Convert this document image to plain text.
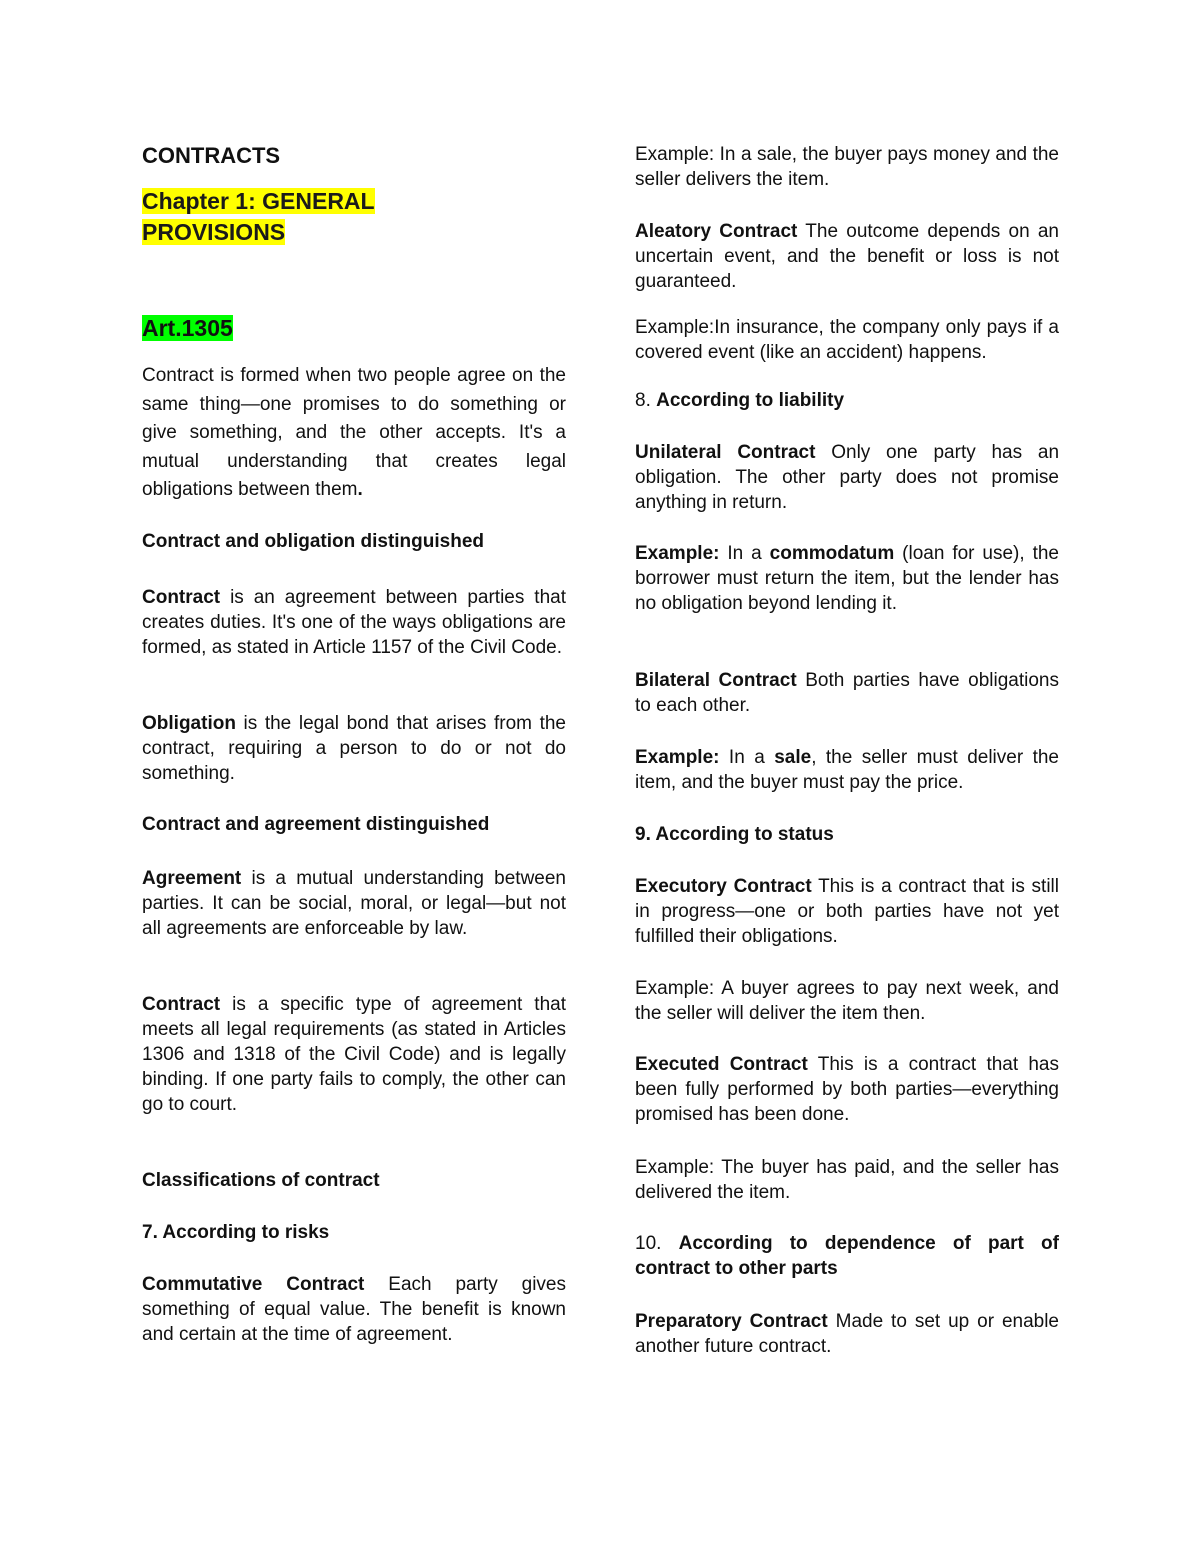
CONTRACTS
Chapter 1: GENERAL
PROVISIONS
Art.1305

Contract is formed when two people agree on the same thing—one promises to do something or give something, and the other accepts. It's a mutual understanding that creates legal obligations between them.

Contract and obligation distinguished

Contract is an agreement between parties that creates duties. It's one of the ways obligations are formed, as stated in Article 1157 of the Civil Code.

Obligation is the legal bond that arises from the contract, requiring a person to do or not do something.

Contract and agreement distinguished

Agreement is a mutual understanding between parties. It can be social, moral, or legal—but not all agreements are enforceable by law.

Contract is a specific type of agreement that meets all legal requirements (as stated in Articles 1306 and 1318 of the Civil Code) and is legally binding. If one party fails to comply, the other can go to court.

Classifications of contract

7. According to risks

Commutative Contract Each party gives something of equal value. The benefit is known and certain at the time of agreement.

Example: In a sale, the buyer pays money and the seller delivers the item.

Aleatory Contract The outcome depends on an uncertain event, and the benefit or loss is not guaranteed.

Example:In insurance, the company only pays if a covered event (like an accident) happens.

8. According to liability

Unilateral Contract Only one party has an obligation. The other party does not promise anything in return.

Example: In a commodatum (loan for use), the borrower must return the item, but the lender has no obligation beyond lending it.

Bilateral Contract Both parties have obligations to each other.

Example: In a sale, the seller must deliver the item, and the buyer must pay the price.

9. According to status

Executory Contract This is a contract that is still in progress—one or both parties have not yet fulfilled their obligations.

Example: A buyer agrees to pay next week, and the seller will deliver the item then.

Executed Contract This is a contract that has been fully performed by both parties—everything promised has been done.

Example: The buyer has paid, and the seller has delivered the item.

10. According to dependence of part of contract to other parts

Preparatory Contract Made to set up or enable another future contract.
